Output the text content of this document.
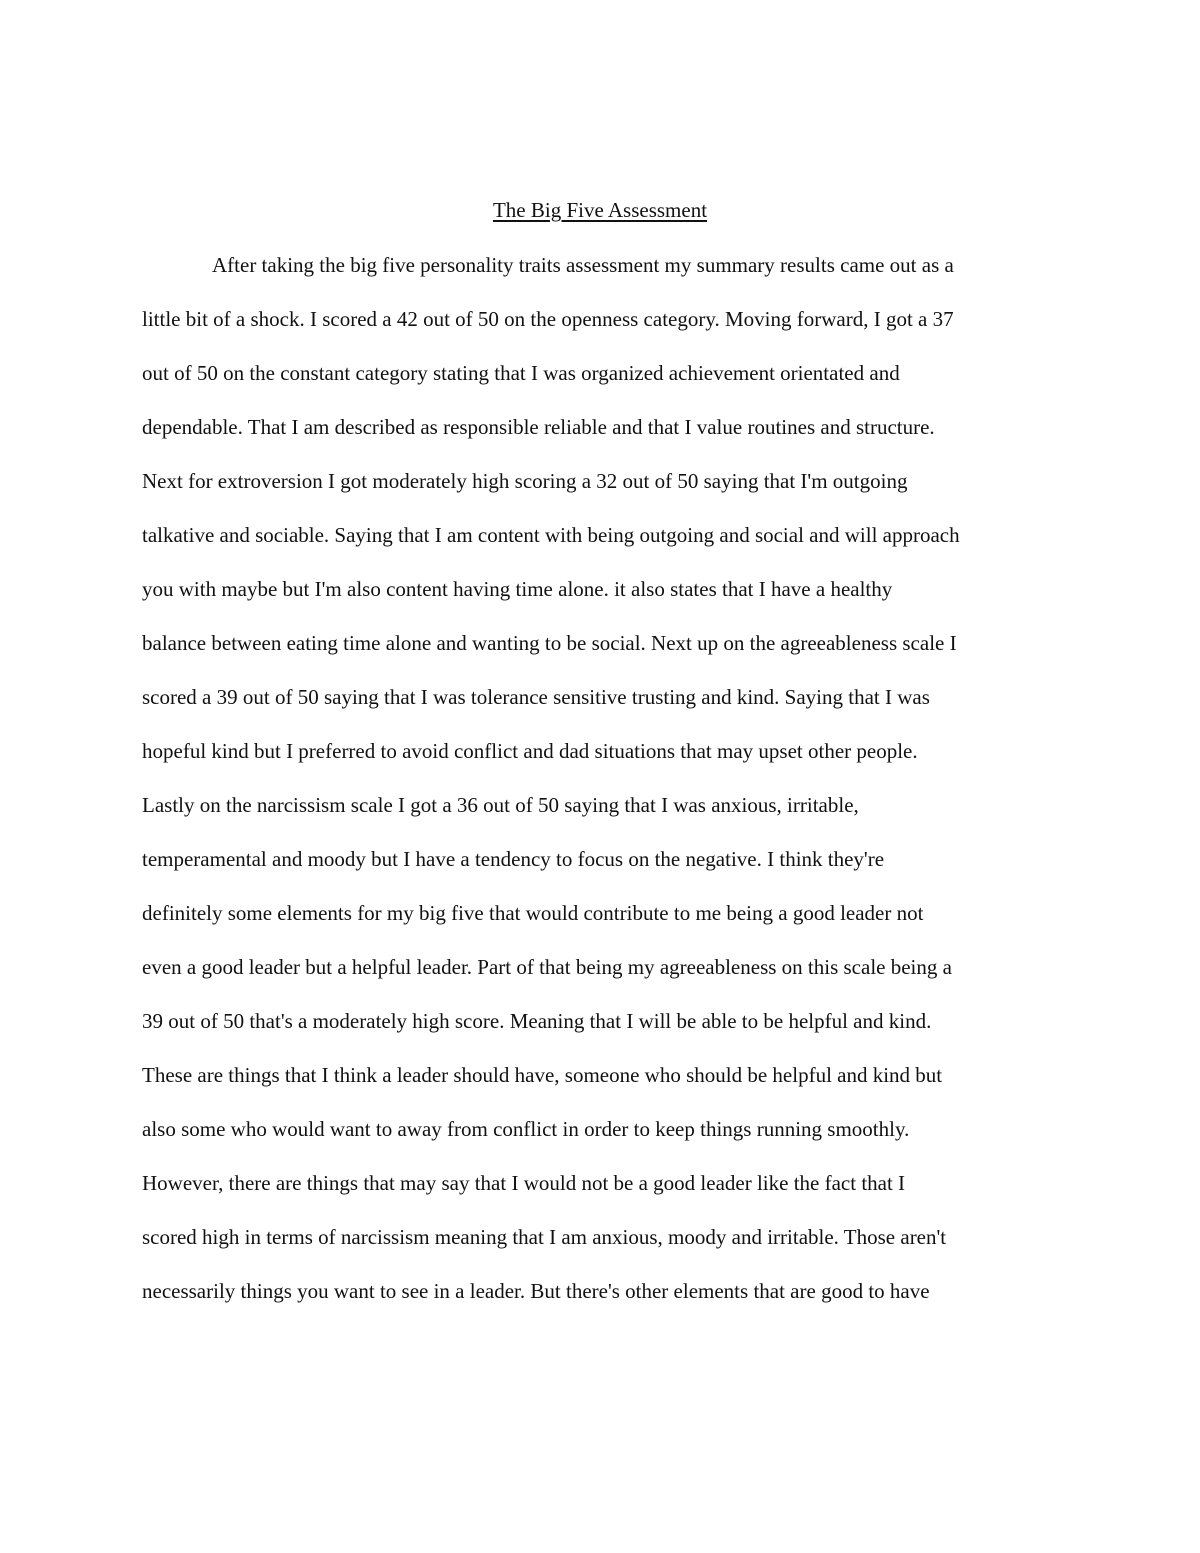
The Big Five Assessment
After taking the big five personality traits assessment my summary results came out as a
little bit of a shock. I scored a 42 out of 50 on the openness category. Moving forward, I got a 37
out of 50 on the constant category stating that I was organized achievement orientated and
dependable. That I am described as responsible reliable and that I value routines and structure.
Next for extroversion I got moderately high scoring a 32 out of 50 saying that I'm outgoing
talkative and sociable. Saying that I am content with being outgoing and social and will approach
you with maybe but I'm also content having time alone. it also states that I have a healthy
balance between eating time alone and wanting to be social. Next up on the agreeableness scale I
scored a 39 out of 50 saying that I was tolerance sensitive trusting and kind. Saying that I was
hopeful kind but I preferred to avoid conflict and dad situations that may upset other people.
Lastly on the narcissism scale I got a 36 out of 50 saying that I was anxious, irritable,
temperamental and moody but I have a tendency to focus on the negative. I think they're
definitely some elements for my big five that would contribute to me being a good leader not
even a good leader but a helpful leader. Part of that being my agreeableness on this scale being a
39 out of 50 that's a moderately high score. Meaning that I will be able to be helpful and kind.
These are things that I think a leader should have, someone who should be helpful and kind but
also some who would want to away from conflict in order to keep things running smoothly.
However, there are things that may say that I would not be a good leader like the fact that I
scored high in terms of narcissism meaning that I am anxious, moody and irritable. Those aren't
necessarily things you want to see in a leader. But there's other elements that are good to have
